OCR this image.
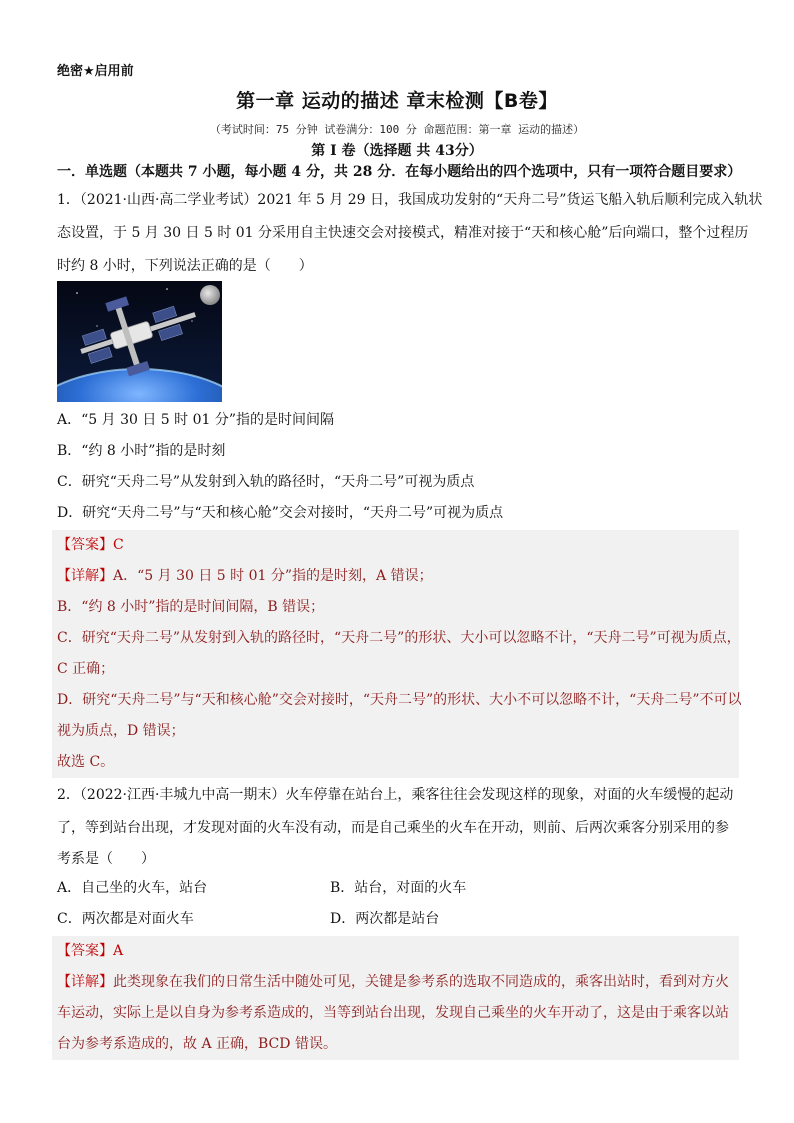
绝密★启用前
第一章 运动的描述 章末检测【B卷】
（考试时间：75 分钟 试卷满分：100 分 命题范围：第一章 运动的描述）
第 I 卷（选择题 共 43分）
一．单选题（本题共 7 小题，每小题 4 分，共 28 分．在每小题给出的四个选项中，只有一项符合题目要求）
1．（2021·山西·高二学业考试）2021 年 5 月 29 日，我国成功发射的“天舟二号”货运飞船入轨后顺利完成入轨状
态设置，于 5 月 30 日 5 时 01 分采用自主快速交会对接模式，精准对接于“天和核心舱”后向端口，整个过程历
时约 8 小时，下列说法正确的是（　　）
A．“5 月 30 日 5 时 01 分”指的是时间间隔
B．“约 8 小时”指的是时刻
C．研究“天舟二号”从发射到入轨的路径时，“天舟二号”可视为质点
D．研究“天舟二号”与“天和核心舱”交会对接时，“天舟二号”可视为质点
【答案】C
【详解】A．“5 月 30 日 5 时 01 分”指的是时刻，A 错误；
B．“约 8 小时”指的是时间间隔，B 错误；
C．研究“天舟二号”从发射到入轨的路径时，“天舟二号”的形状、大小可以忽略不计，“天舟二号”可视为质点，
C 正确；
D．研究“天舟二号”与“天和核心舱”交会对接时，“天舟二号”的形状、大小不可以忽略不计，“天舟二号”不可以
视为质点，D 错误；
故选 C。
2．（2022·江西·丰城九中高一期末）火车停靠在站台上，乘客往往会发现这样的现象，对面的火车缓慢的起动
了，等到站台出现，才发现对面的火车没有动，而是自己乘坐的火车在开动，则前、后两次乘客分别采用的参
考系是（　　）
A．自己坐的火车，站台	B．站台，对面的火车
C．两次都是对面火车	D．两次都是站台
【答案】A
【详解】此类现象在我们的日常生活中随处可见，关键是参考系的选取不同造成的，乘客出站时，看到对方火
车运动，实际上是以自身为参考系造成的，当等到站台出现，发现自己乘坐的火车开动了，这是由于乘客以站
台为参考系造成的，故 A 正确，BCD 错误。
